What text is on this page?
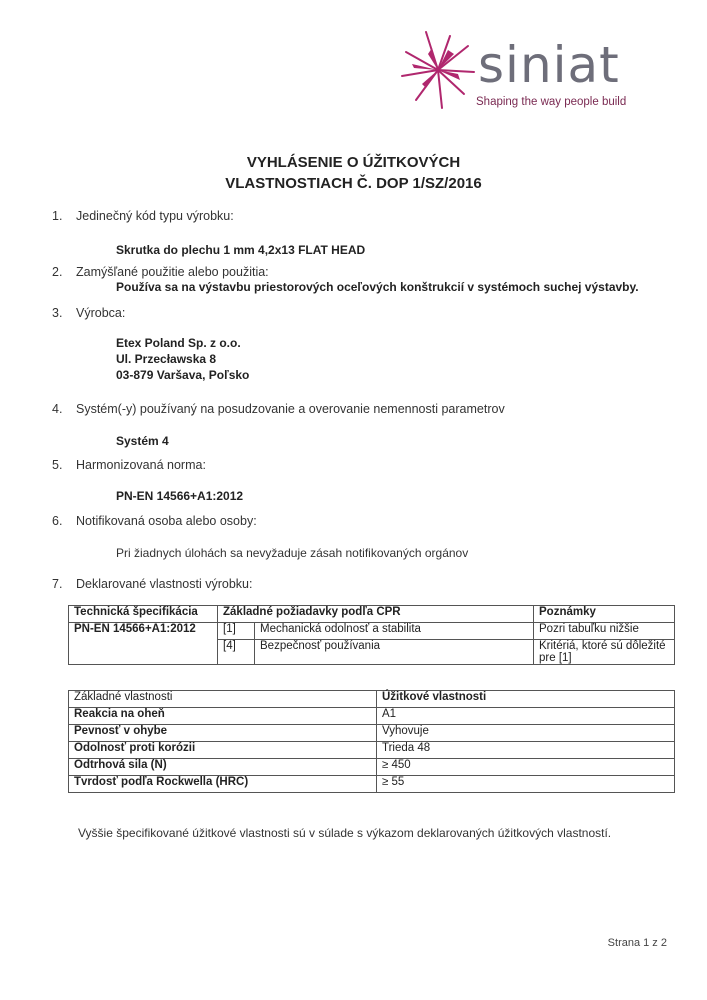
siniat
Shaping the way people build
VYHLÁSENIE O ÚŽITKOVÝCH
VLASTNOSTIACH Č. DOP 1/SZ/2016
1. Jedinečný kód typu výrobku:
Skrutka do plechu 1 mm 4,2x13 FLAT HEAD
2. Zamýšľané použitie alebo použitia:
Používa sa na výstavbu priestorových oceľových konštrukcií v systémoch suchej výstavby.
3. Výrobca:
Etex Poland Sp. z o.o.
Ul. Przecławska 8
03-879 Varšava, Poľsko
4. Systém(-y) používaný na posudzovanie a overovanie nemennosti parametrov
Systém 4
5. Harmonizovaná norma:
PN-EN 14566+A1:2012
6. Notifikovaná osoba alebo osoby:
Pri žiadnych úlohách sa nevyžaduje zásah notifikovaných orgánov
7. Deklarované vlastnosti výrobku:
Technická špecifikácia	Základné požiadavky podľa CPR		Poznámky
PN-EN 14566+A1:2012	[1]	Mechanická odolnosť a stabilita	Pozri tabuľku nižšie
	[4]	Bezpečnosť používania	Kritériá, ktoré sú dôležité
pre [1]
Základné vlastnosti	Úžitkové vlastnosti
Reakcia na oheň	A1
Pevnosť v ohybe	Vyhovuje
Odolnosť proti korózii	Trieda 48
Odtrhová sila (N)	≥ 450
Tvrdosť podľa Rockwella (HRC)	≥ 55
Vyššie špecifikované úžitkové vlastnosti sú v súlade s výkazom deklarovaných úžitkových vlastností.
Strana 1 z 2
